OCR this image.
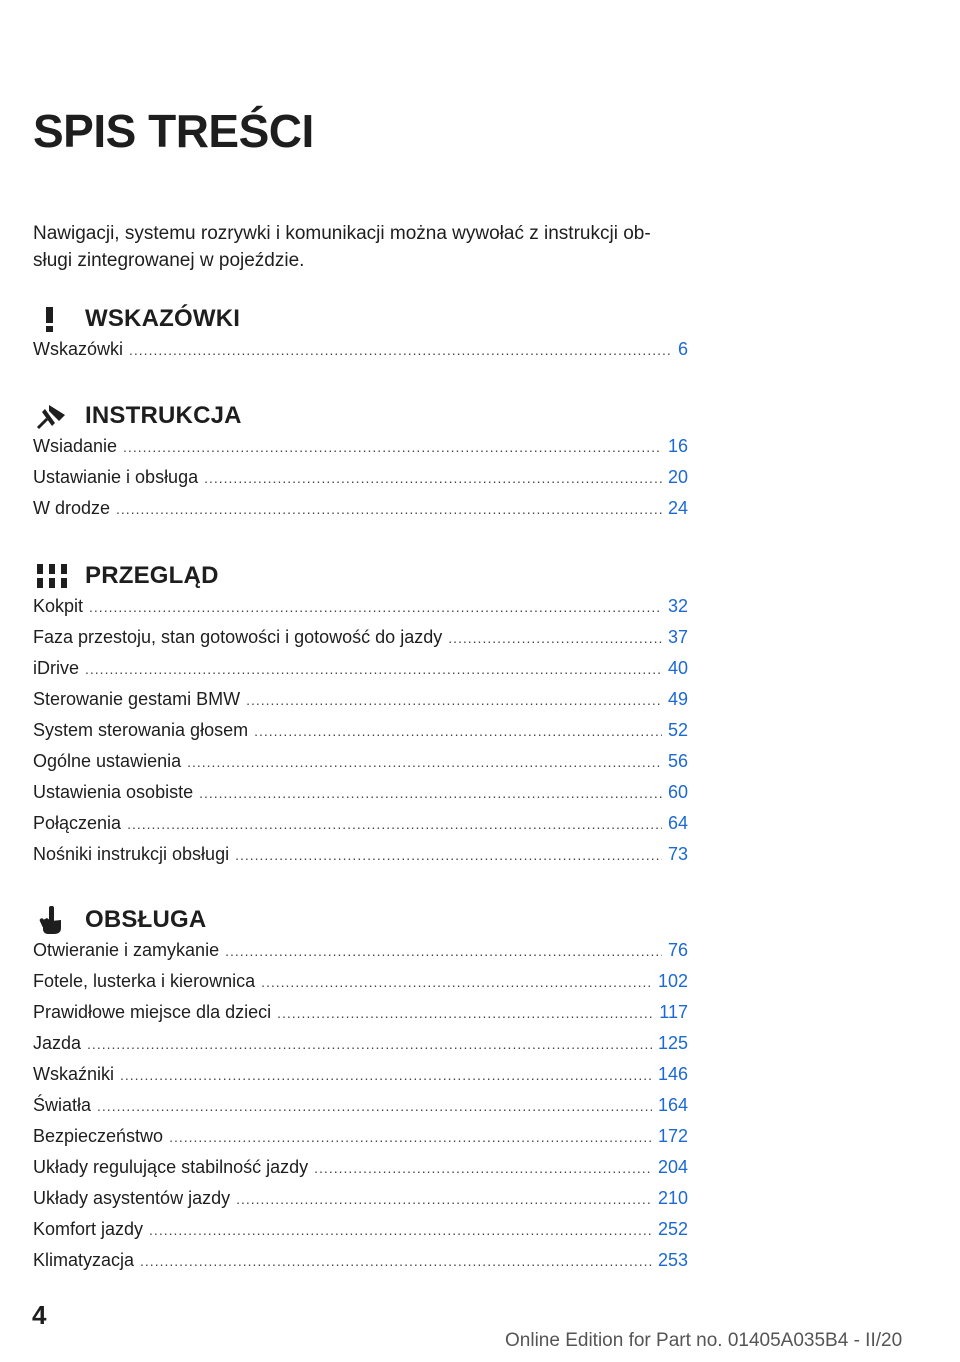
SPIS TREŚCI
Nawigacji, systemu rozrywki i komunikacji można wywołać z instrukcji ob-
sługi zintegrowanej w pojeździe.
WSKAZÓWKI
Wskazówki .....	6
INSTRUKCJA
Wsiadanie .....	16
Ustawianie i obsługa .....	20
W drodze .....	24
PRZEGLĄD
Kokpit .....	32
Faza przestoju, stan gotowości i gotowość do jazdy .....	37
iDrive .....	40
Sterowanie gestami BMW .....	49
System sterowania głosem .....	52
Ogólne ustawienia .....	56
Ustawienia osobiste .....	60
Połączenia .....	64
Nośniki instrukcji obsługi .....	73
OBSŁUGA
Otwieranie i zamykanie .....	76
Fotele, lusterka i kierownica .....	102
Prawidłowe miejsce dla dzieci .....	117
Jazda .....	125
Wskaźniki .....	146
Światła .....	164
Bezpieczeństwo .....	172
Układy regulujące stabilność jazdy .....	204
Układy asystentów jazdy .....	210
Komfort jazdy .....	252
Klimatyzacja .....	253
4
Online Edition for Part no. 01405A035B4 - II/20
